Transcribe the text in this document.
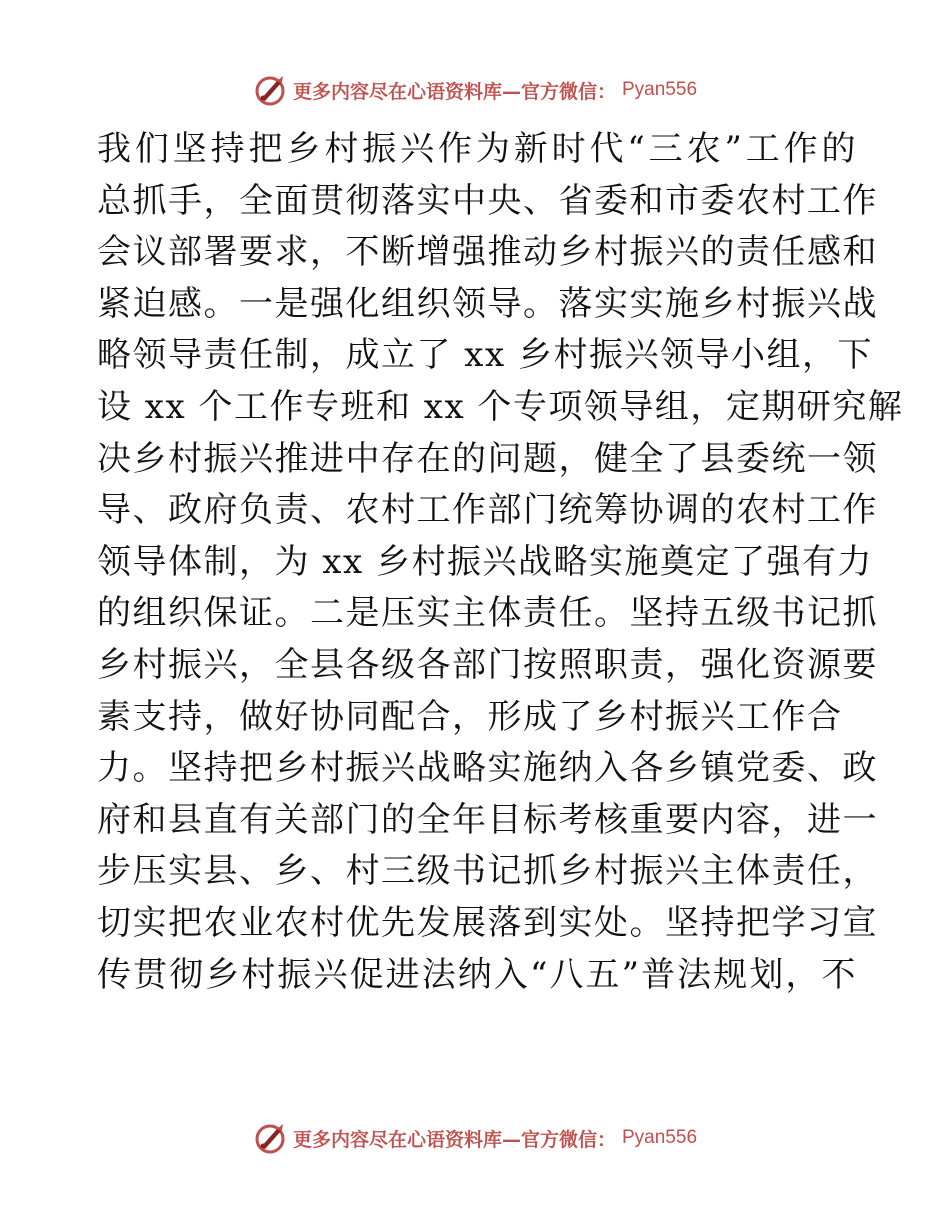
更多内容尽在心语资料库—官方微信： Pyan556
我们坚持把乡村振兴作为新时代“三农”工作的
总抓手，全面贯彻落实中央、省委和市委农村工作
会议部署要求，不断增强推动乡村振兴的责任感和
紧迫感。一是强化组织领导。落实实施乡村振兴战
略领导责任制，成立了 xx 乡村振兴领导小组，下
设 xx 个工作专班和 xx 个专项领导组，定期研究解
决乡村振兴推进中存在的问题，健全了县委统一领
导、政府负责、农村工作部门统筹协调的农村工作
领导体制，为 xx 乡村振兴战略实施奠定了强有力
的组织保证。二是压实主体责任。坚持五级书记抓
乡村振兴，全县各级各部门按照职责，强化资源要
素支持，做好协同配合，形成了乡村振兴工作合
力。坚持把乡村振兴战略实施纳入各乡镇党委、政
府和县直有关部门的全年目标考核重要内容，进一
步压实县、乡、村三级书记抓乡村振兴主体责任，
切实把农业农村优先发展落到实处。坚持把学习宣
传贯彻乡村振兴促进法纳入“八五”普法规划，不
更多内容尽在心语资料库—官方微信： Pyan556
